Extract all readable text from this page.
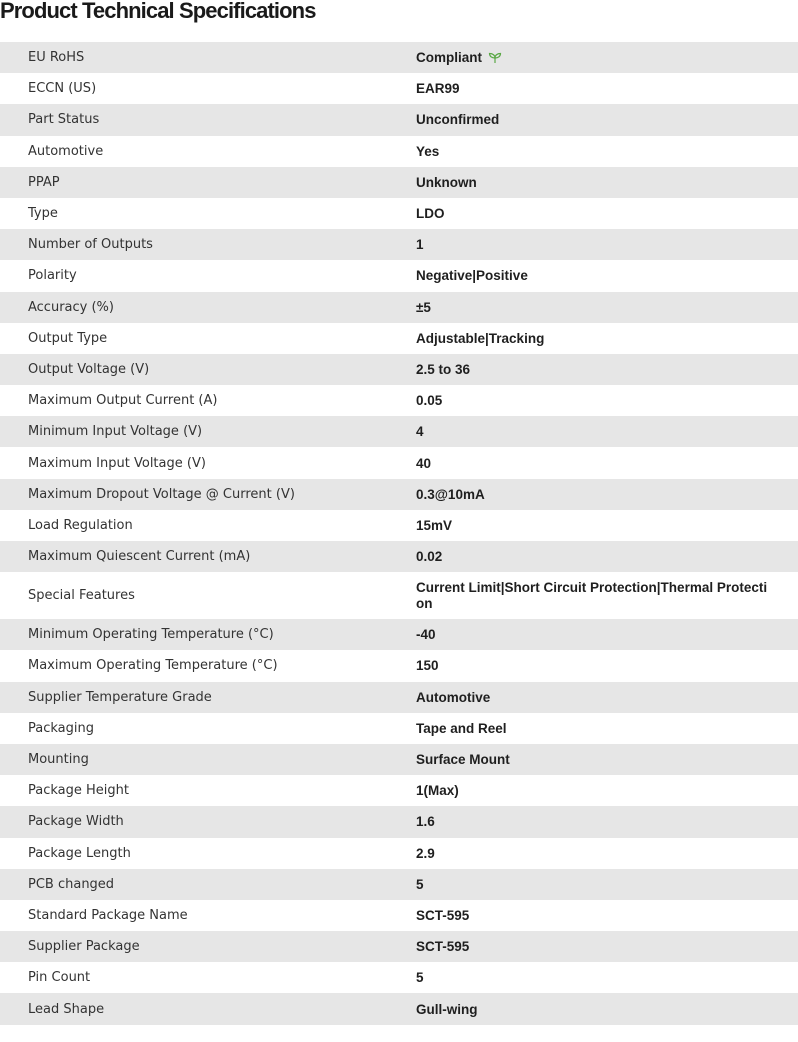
Product Technical Specifications
EU RoHS	Compliant

ECCN (US)	EAR99

Part Status	Unconfirmed

Automotive	Yes

PPAP	Unknown

Type	LDO

Number of Outputs	1

Polarity	Negative|Positive

Accuracy (%)	±5

Output Type	Adjustable|Tracking

Output Voltage (V)	2.5 to 36

Maximum Output Current (A)	0.05

Minimum Input Voltage (V)	4

Maximum Input Voltage (V)	40

Maximum Dropout Voltage @ Current (V)	0.3@10mA

Load Regulation	15mV

Maximum Quiescent Current (mA)	0.02

Special Features	Current Limit|Short Circuit Protection|Thermal Protection

Minimum Operating Temperature (°C)	-40

Maximum Operating Temperature (°C)	150

Supplier Temperature Grade	Automotive

Packaging	Tape and Reel

Mounting	Surface Mount

Package Height	1(Max)

Package Width	1.6

Package Length	2.9

PCB changed	5

Standard Package Name	SCT-595

Supplier Package	SCT-595

Pin Count	5

Lead Shape	Gull-wing
